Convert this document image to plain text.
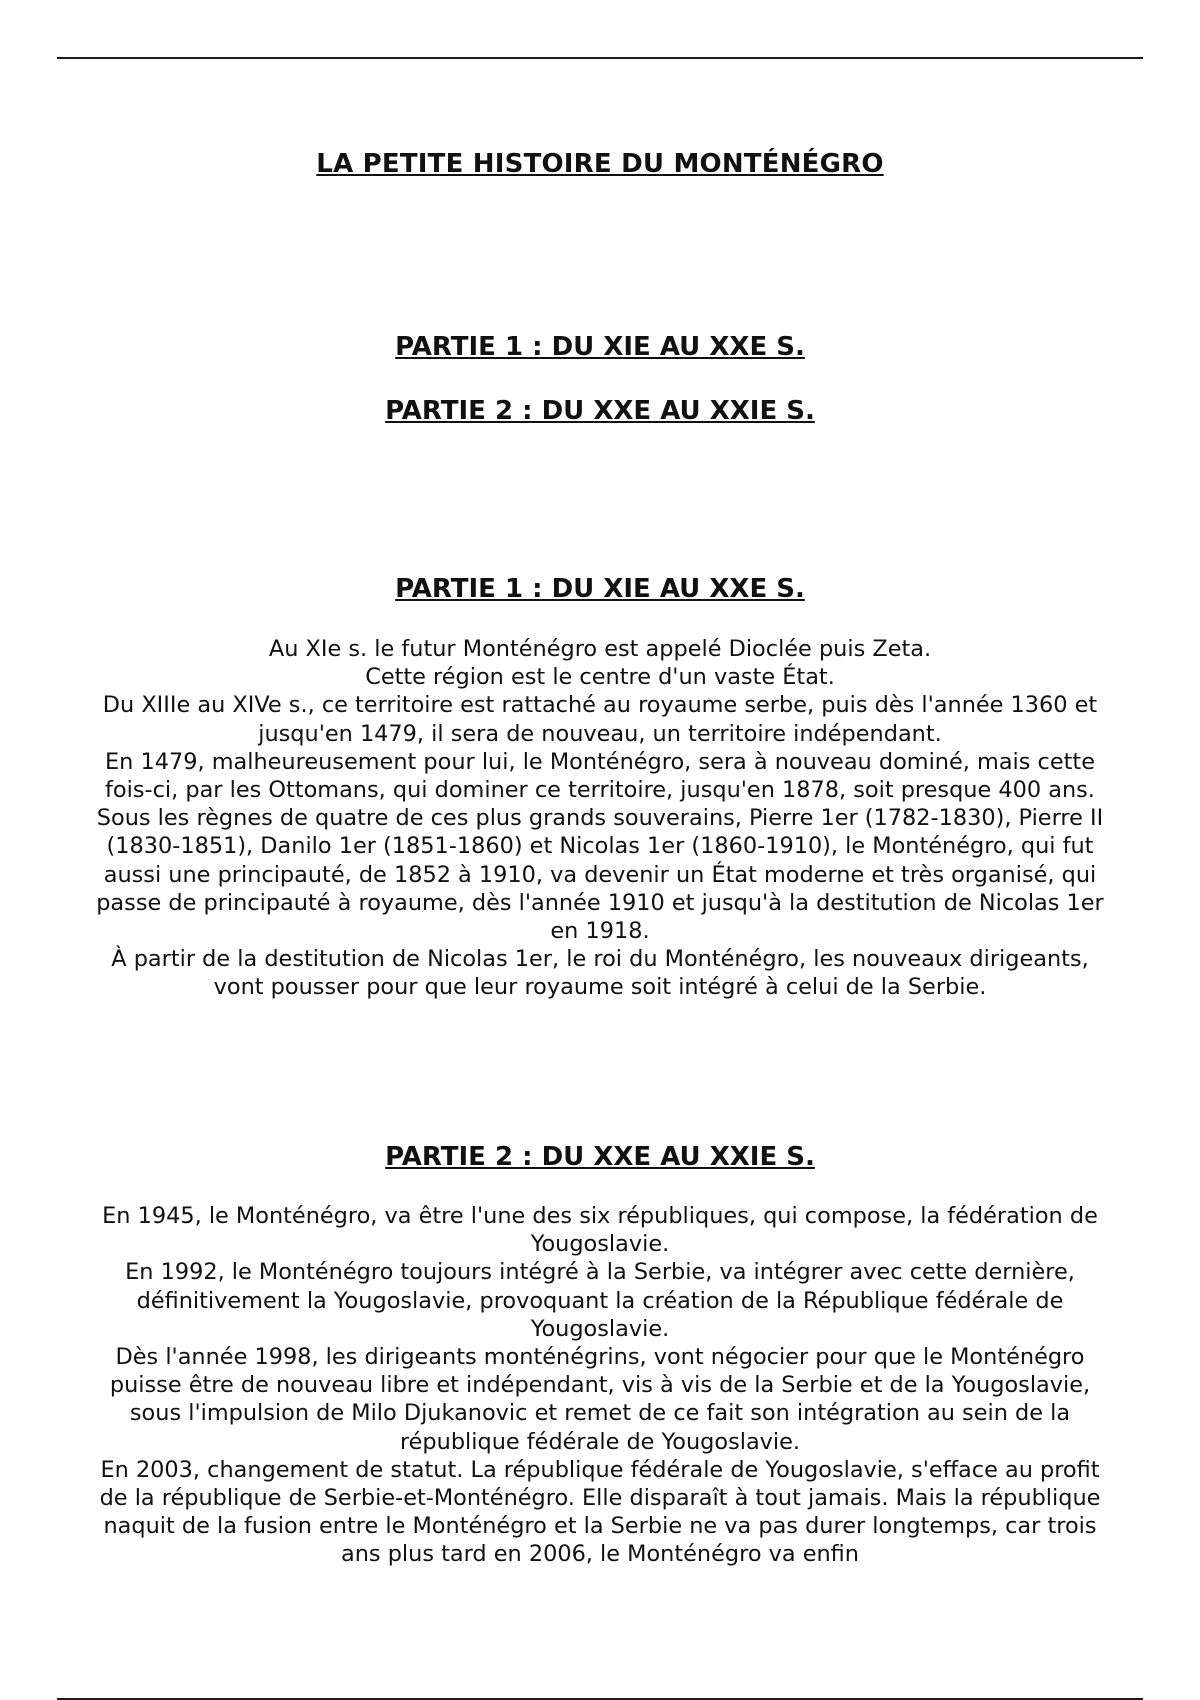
LA PETITE HISTOIRE DU MONTÉNÉGRO
PARTIE 1 : DU XIE AU XXE S.
PARTIE 2 : DU XXE AU XXIE S.
PARTIE 1 : DU XIE AU XXE S.

Au XIe s. le futur Monténégro est appelé Dioclée puis Zeta.

Cette région est le centre d'un vaste État.

Du XIIIe au XIVe s., ce territoire est rattaché au royaume serbe, puis dès l'année 1360 et jusqu'en 1479, il sera de nouveau, un territoire indépendant.

En 1479, malheureusement pour lui, le Monténégro, sera à nouveau dominé, mais cette fois-ci, par les Ottomans, qui dominer ce territoire, jusqu'en 1878, soit presque 400 ans.

Sous les règnes de quatre de ces plus grands souverains, Pierre 1er (1782-1830), Pierre II (1830-1851), Danilo 1er (1851-1860) et Nicolas 1er (1860-1910), le Monténégro, qui fut aussi une principauté, de 1852 à 1910, va devenir un État moderne et très organisé, qui passe de principauté à royaume, dès l'année 1910 et jusqu'à la destitution de Nicolas 1er en 1918.

À partir de la destitution de Nicolas 1er, le roi du Monténégro, les nouveaux dirigeants, vont pousser pour que leur royaume soit intégré à celui de la Serbie.

PARTIE 2 : DU XXE AU XXIE S.

En 1945, le Monténégro, va être l'une des six républiques, qui compose, la fédération de Yougoslavie.

En 1992, le Monténégro toujours intégré à la Serbie, va intégrer avec cette dernière, définitivement la Yougoslavie, provoquant la création de la République fédérale de Yougoslavie.

Dès l'année 1998, les dirigeants monténégrins, vont négocier pour que le Monténégro puisse être de nouveau libre et indépendant, vis à vis de la Serbie et de la Yougoslavie, sous l'impulsion de Milo Djukanovic et remet de ce fait son intégration au sein de la république fédérale de Yougoslavie.

En 2003, changement de statut. La république fédérale de Yougoslavie, s'efface au profit de la république de Serbie-et-Monténégro. Elle disparaît à tout jamais. Mais la république naquit de la fusion entre le Monténégro et la Serbie ne va pas durer longtemps, car trois ans plus tard en 2006, le Monténégro va enfin
